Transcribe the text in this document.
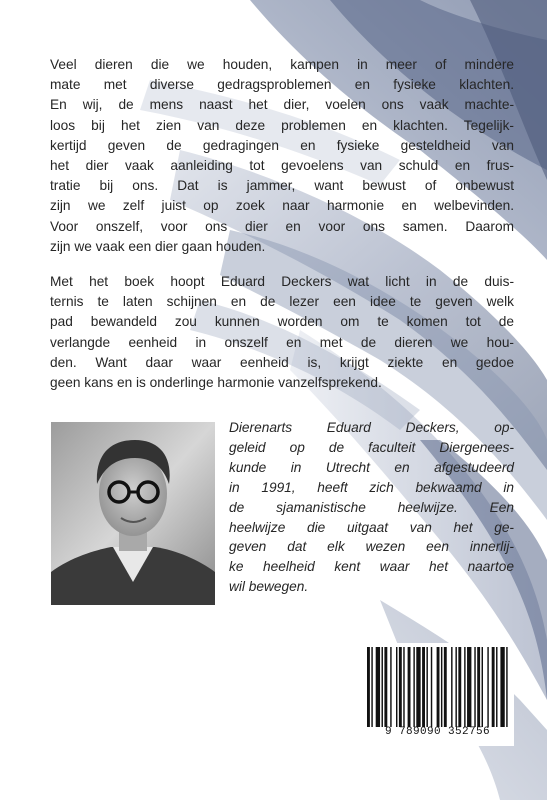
Veel dieren die we houden, kampen in meer of mindere
mate met diverse gedragsproblemen en fysieke klachten.
En wij, de mens naast het dier, voelen ons vaak machte-
loos bij het zien van deze problemen en klachten. Tegelijk-
kertijd geven de gedragingen en fysieke gesteldheid van
het dier vaak aanleiding tot gevoelens van schuld en frus-
tratie bij ons. Dat is jammer, want bewust of onbewust
zijn we zelf juist op zoek naar harmonie en welbevinden.
Voor onszelf, voor ons dier en voor ons samen. Daarom
zijn we vaak een dier gaan houden.

Met het boek hoopt Eduard Deckers wat licht in de duis-
ternis te laten schijnen en de lezer een idee te geven welk
pad bewandeld zou kunnen worden om te komen tot de
verlangde eenheid in onszelf en met de dieren we hou-
den. Want daar waar eenheid is, krijgt ziekte en gedoe
geen kans en is onderlinge harmonie vanzelfsprekend.

Dierenarts Eduard Deckers, op-
geleid op de faculteit Diergenees-
kunde in Utrecht en afgestudeerd
in 1991, heeft zich bekwaamd in
de sjamanistische heelwijze. Een
heelwijze die uitgaat van het ge-
geven dat elk wezen een innerlij-
ke heelheid kent waar het naartoe
wil bewegen.
9 789090 352756
